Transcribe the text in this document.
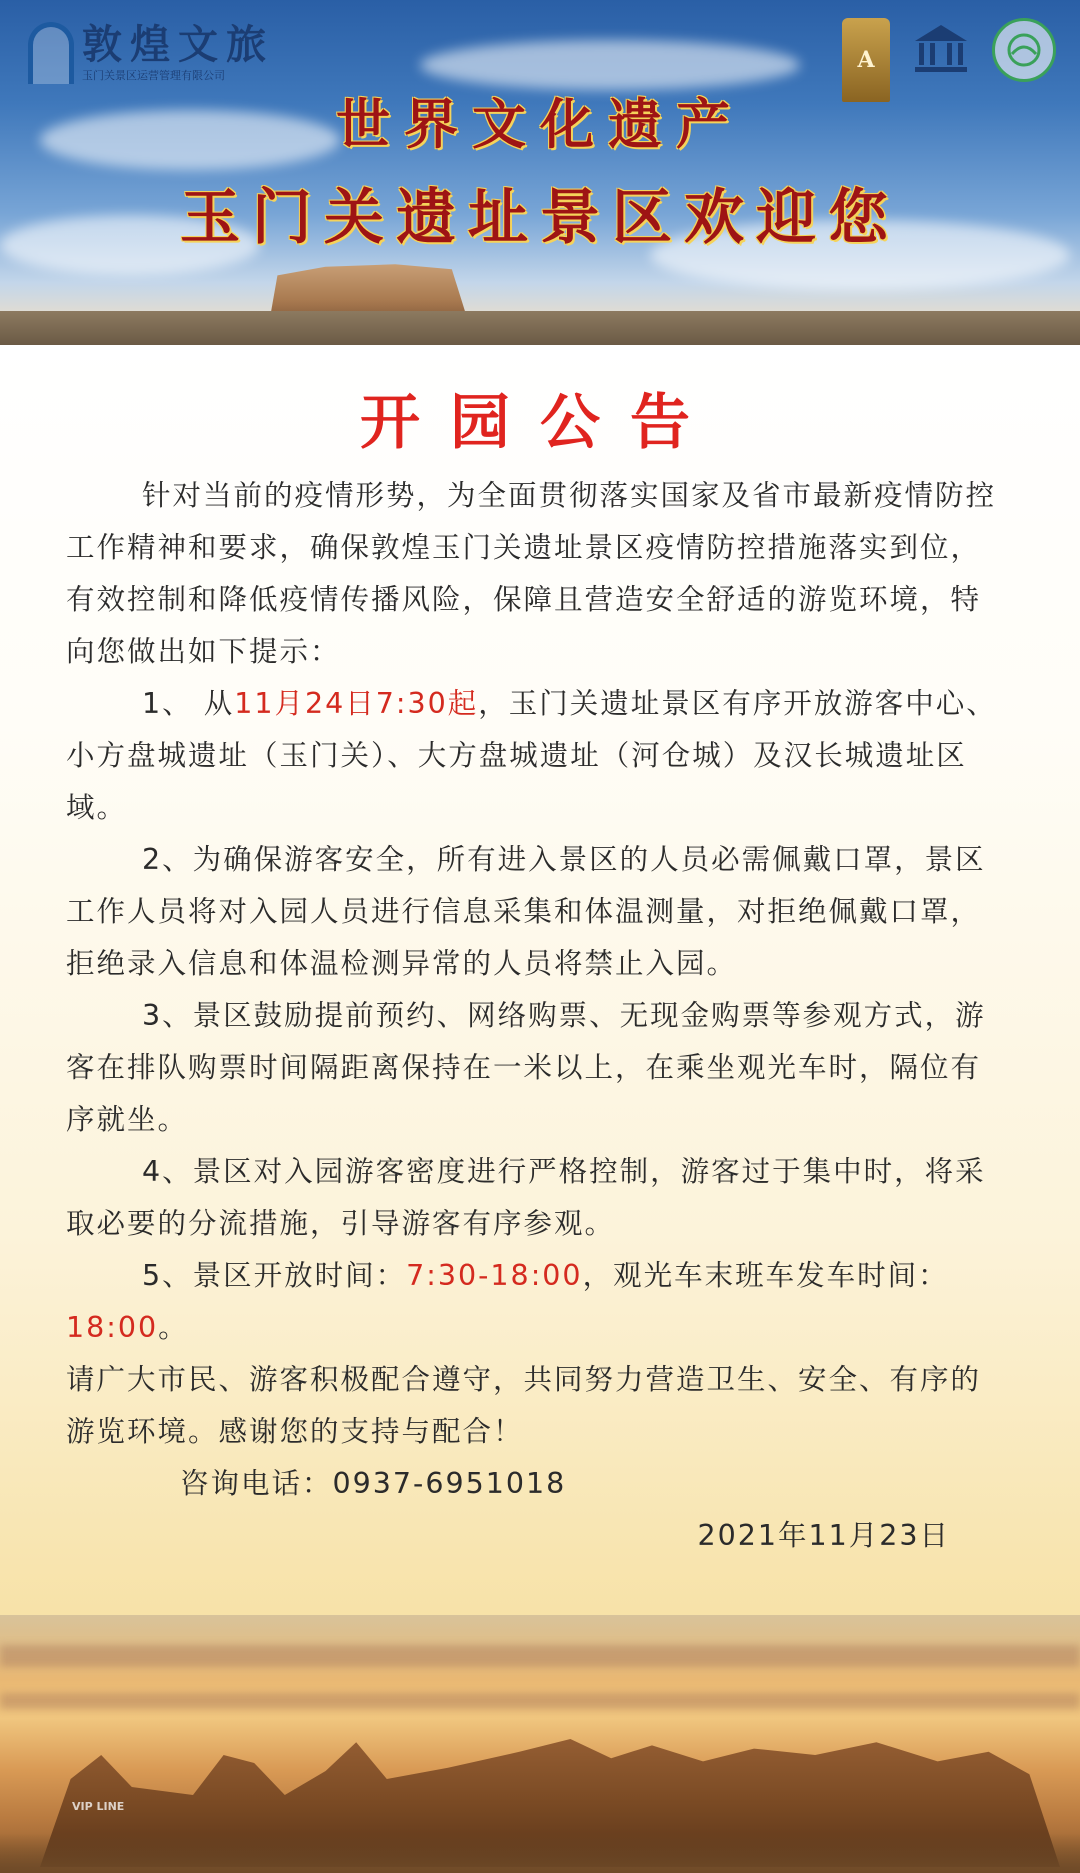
敦煌文旅
玉门关景区运营管理有限公司
A
世界文化遗产
玉门关遗址景区欢迎您
开园公告

针对当前的疫情形势，为全面贯彻落实国家及省市最新疫情防控工作精神和要求，确保敦煌玉门关遗址景区疫情防控措施落实到位，有效控制和降低疫情传播风险，保障且营造安全舒适的游览环境，特向您做出如下提示：

1、 从11月24日7:30起，玉门关遗址景区有序开放游客中心、小方盘城遗址（玉门关）、大方盘城遗址（河仓城）及汉长城遗址区域。

2、为确保游客安全，所有进入景区的人员必需佩戴口罩，景区工作人员将对入园人员进行信息采集和体温测量，对拒绝佩戴口罩，拒绝录入信息和体温检测异常的人员将禁止入园。

3、景区鼓励提前预约、网络购票、无现金购票等参观方式，游客在排队购票时间隔距离保持在一米以上，在乘坐观光车时，隔位有序就坐。

4、景区对入园游客密度进行严格控制，游客过于集中时，将采取必要的分流措施，引导游客有序参观。

5、景区开放时间：7:30-18:00，观光车末班车发车时间： 18:00。

请广大市民、游客积极配合遵守，共同努力营造卫生、安全、有序的游览环境。感谢您的支持与配合！

咨询电话：0937-6951018

2021年11月23日

VIP LINE
